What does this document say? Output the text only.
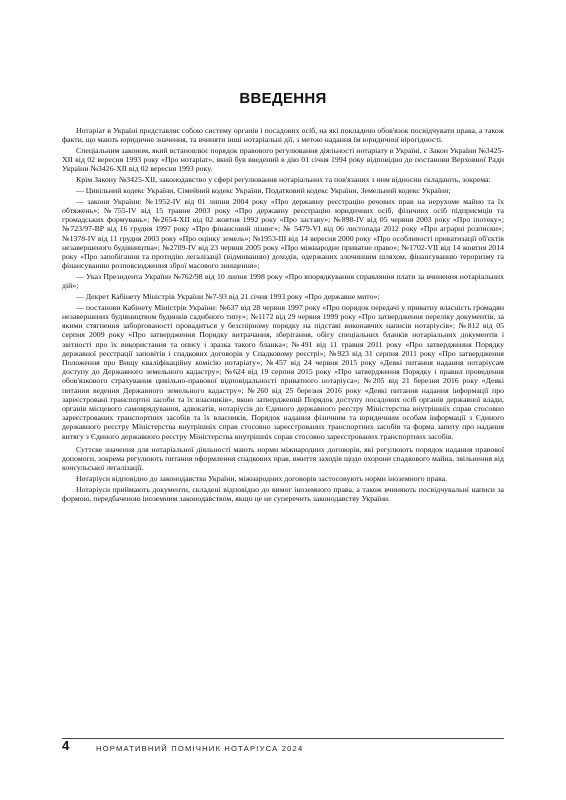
ВВЕДЕННЯ

Нотаріат в Україні представляє собою систему органів і посадових осіб, на які покладено обов'язок посвідчувати права, а також факти, що мають юридичне значення, та вчиняти інші нотаріальні дії, з метою надання їм юридичної вірогідності.

Спеціальним законом, який встановлює порядок правового регулювання діяльності нотаріату в Україні, є Закон України №3425-XII від 02 вересня 1993 року «Про нотаріат», який був введений в дію 01 січня 1994 року відповідно до постанови Верховної Ради України №3426-XII від 02 вересня 1993 року.

Крім Закону №3425-XII, законодавство у сфері регулювання нотаріальних та пов'язаних з ним відносин складають, зокрема:

— Цивільний кодекс України, Сімейний кодекс України, Податковий кодекс України, Земельний кодекс України;

— закони України: №1952-IV від 01 липня 2004 року «Про державну реєстрацію речових прав на нерухоме майно та їх обтяжень»; №755-IV від 15 травня 2003 року «Про державну реєстрацію юридичних осіб, фізичних осіб підприємців та громадських формувань»; №2654-XII від 02 жовтня 1992 року «Про заставу»; №898-IV від 05 червня 2003 року «Про іпотеку»; №723/97-ВР від 16 грудня 1997 року «Про фінансовий лізинг»; № 5479-VI від 06 листопада 2012 року «Про аграрні розписки»; №1378-IV від 11 грудня 2003 року «Про оцінку земель»; №1953-III від 14 вересня 2000 року «Про особливості приватизації об'єктів незавершеного будівництва»; №2709-IV від 23 червня 2005 року «Про міжнародне приватне право»; №1702-VII від 14 жовтня 2014 року «Про запобігання та протидію легалізації (відмиванню) доходів, одержаних злочинним шляхом, фінансуванню тероризму та фінансуванню розповсюдження зброї масового знищення»;

— Указ Президента України №762/98 від 10 липня 1998 року «Про впорядкування справляння плати за вчинення нотаріальних дій»;

— Декрет Кабінету Міністрів України №7-93 від 21 січня 1993 року «Про державне мито»;

— постанови Кабінету Міністрів України: №637 від 28 червня 1997 року «Про порядок передачі у приватну власність громадян незавершених будівництвом будинків садибного типу»; №1172 від 29 червня 1999 року «Про затвердження переліку документів, за якими стягнення заборгованості провадиться у безспірному порядку на підставі виконавчих написів нотаріусів»; №812 від 05 серпня 2009 року «Про затвердження Порядку витрачання, зберігання, обігу спеціальних бланків нотаріальних документів і звітності про їх використання та опису і зразка такого бланка»; №491 від 11 травня 2011 року «Про затвердження Порядку державної реєстрації заповітів і спадкових договорів у Спадковому реєстрі»; №923 від 31 серпня 2011 року «Про затвердження Положення про Вищу кваліфікаційну комісію нотаріату»; №457 від 24 червня 2015 року «Деякі питання надання нотаріусам доступу до Державного земельного кадастру»; №624 від 19 серпня 2015 року «Про затвердження Порядку і правил проведення обов'язкового страхування цивільно-правової відповідальності приватного нотаріуса»; №205 від 21 березня 2016 року «Деякі питання ведення Державного земельного кадастру»; №260 від 25 березня 2016 року «Деякі питання надання інформації про зареєстровані транспортні засоби та їх власників», якою затверджений Порядок доступу посадових осіб органів державної влади, органів місцевого самоврядування, адвокатів, нотаріусів до Єдиного державного реєстру Міністерства внутрішніх справ стосовно зареєстрованих транспортних засобів та їх власників, Порядок надання фізичним та юридичним особам інформації з Єдиного державного реєстру Міністерства внутрішніх справ стосовно зареєстрованих транспортних засобів та форма запиту про надання витягу з Єдиного державного реєстру Міністерства внутрішніх справ стосовно зареєстрованих транспортних засобів.

Суттєве значення для нотаріальної діяльності мають норми міжнародних договорів, які регулюють порядок надання правової допомоги, зокрема регулюють питання оформлення спадкових прав, вжиття заходів щодо охорони спадкового майна, звільнення від консульської легалізації.

Нотаріуси відповідно до законодавства України, міжнародних договорів застосовують норми іноземного права.

Нотаріуси приймають документи, складені відповідно до вимог іноземного права, а також вчиняють посвідчувальні написи за формою, передбаченою іноземним законодавством, якщо це не суперечить законодавству України.

4	НОРМАТИВНИЙ ПОМІЧНИК НОТАРІУСА 2024
